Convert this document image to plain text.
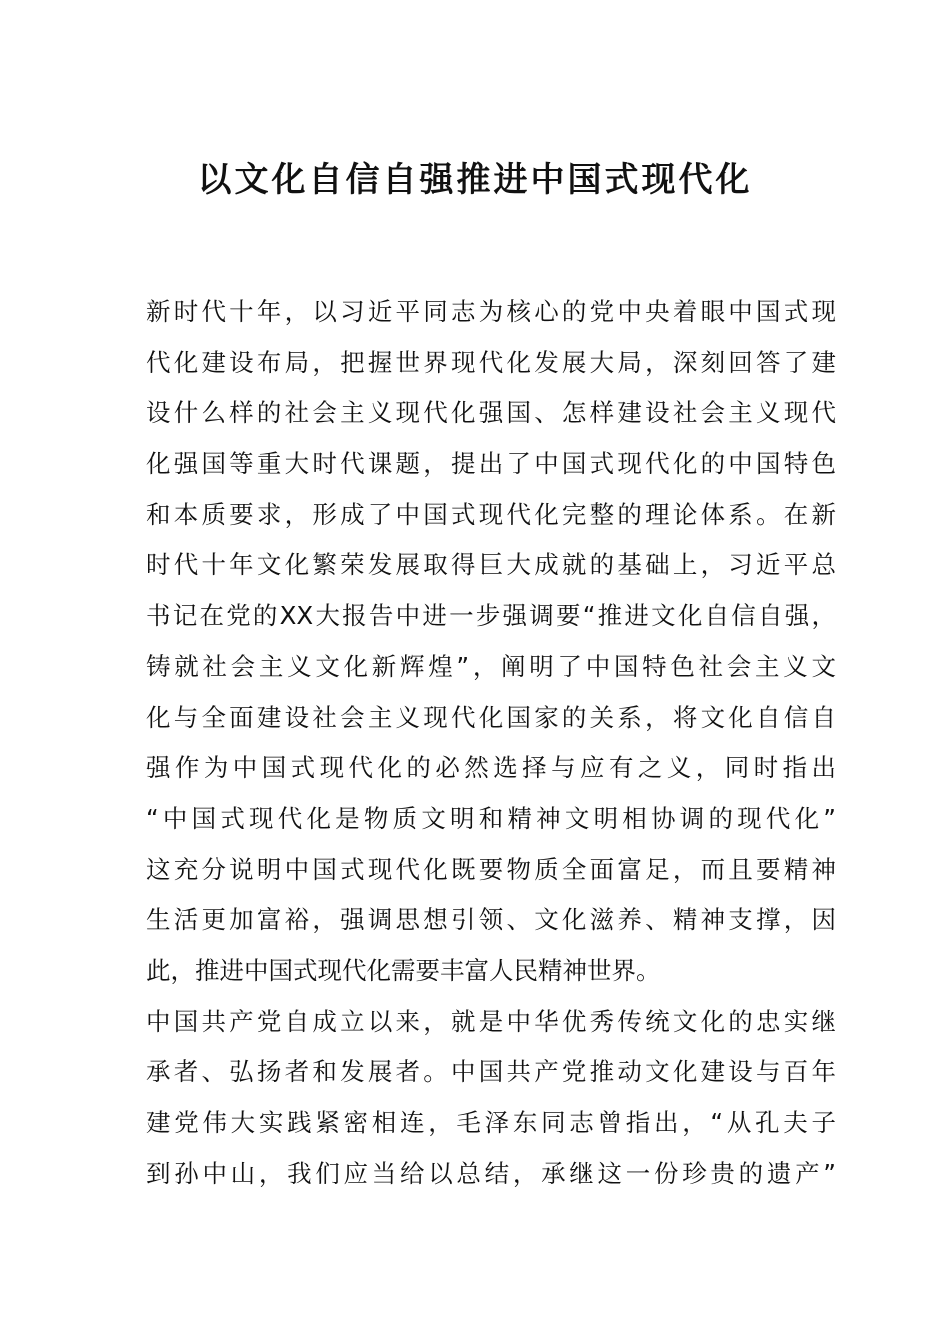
以文化自信自强推进中国式现代化
新时代十年，以习近平同志为核心的党中央着眼中国式现
代化建设布局，把握世界现代化发展大局，深刻回答了建
设什么样的社会主义现代化强国、怎样建设社会主义现代
化强国等重大时代课题，提出了中国式现代化的中国特色
和本质要求，形成了中国式现代化完整的理论体系。在新
时代十年文化繁荣发展取得巨大成就的基础上，习近平总
书记在党的XX大报告中进一步强调要“推进文化自信自强，
铸就社会主义文化新辉煌”，阐明了中国特色社会主义文
化与全面建设社会主义现代化国家的关系，将文化自信自
强作为中国式现代化的必然选择与应有之义，同时指出
“中国式现代化是物质文明和精神文明相协调的现代化”
这充分说明中国式现代化既要物质全面富足，而且要精神
生活更加富裕，强调思想引领、文化滋养、精神支撑，因
此，推进中国式现代化需要丰富人民精神世界。
中国共产党自成立以来，就是中华优秀传统文化的忠实继
承者、弘扬者和发展者。中国共产党推动文化建设与百年
建党伟大实践紧密相连，毛泽东同志曾指出，“从孔夫子
到孙中山，我们应当给以总结，承继这一份珍贵的遗产”
